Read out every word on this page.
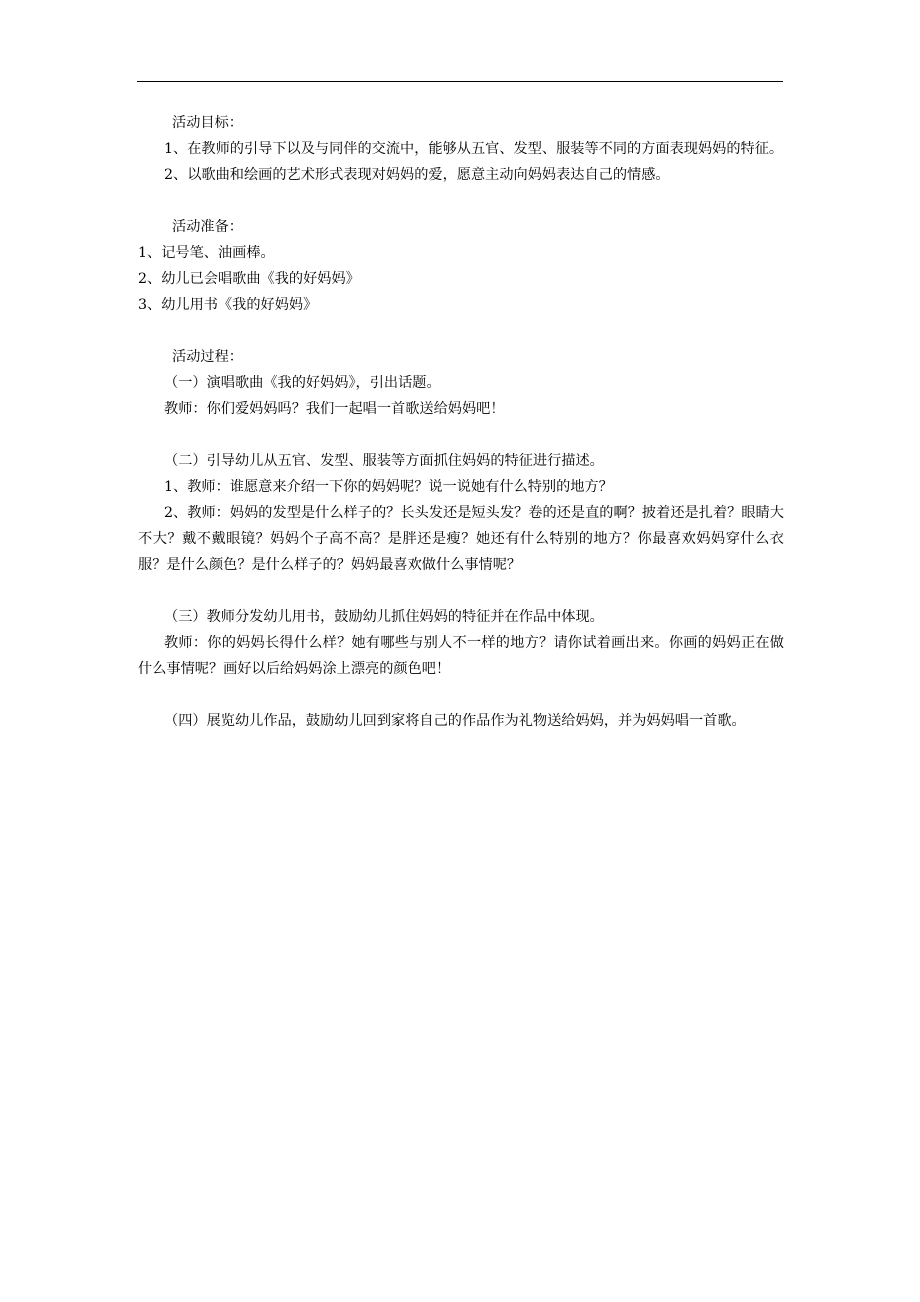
活动目标：

1、在教师的引导下以及与同伴的交流中，能够从五官、发型、服装等不同的方面表现妈妈的特征。

2、以歌曲和绘画的艺术形式表现对妈妈的爱，愿意主动向妈妈表达自己的情感。

活动准备：

1、记号笔、油画棒。

2、幼儿已会唱歌曲《我的好妈妈》

3、幼儿用书《我的好妈妈》

活动过程：

（一）演唱歌曲《我的好妈妈》，引出话题。

教师：你们爱妈妈吗？我们一起唱一首歌送给妈妈吧！

（二）引导幼儿从五官、发型、服装等方面抓住妈妈的特征进行描述。

1、教师：谁愿意来介绍一下你的妈妈呢？说一说她有什么特别的地方？

2、教师：妈妈的发型是什么样子的？长头发还是短头发？卷的还是直的啊？披着还是扎着？眼睛大不大？戴不戴眼镜？妈妈个子高不高？是胖还是瘦？她还有什么特别的地方？你最喜欢妈妈穿什么衣服？是什么颜色？是什么样子的？妈妈最喜欢做什么事情呢？

（三）教师分发幼儿用书，鼓励幼儿抓住妈妈的特征并在作品中体现。

教师：你的妈妈长得什么样？她有哪些与别人不一样的地方？请你试着画出来。你画的妈妈正在做什么事情呢？画好以后给妈妈涂上漂亮的颜色吧！

（四）展览幼儿作品，鼓励幼儿回到家将自己的作品作为礼物送给妈妈，并为妈妈唱一首歌。
